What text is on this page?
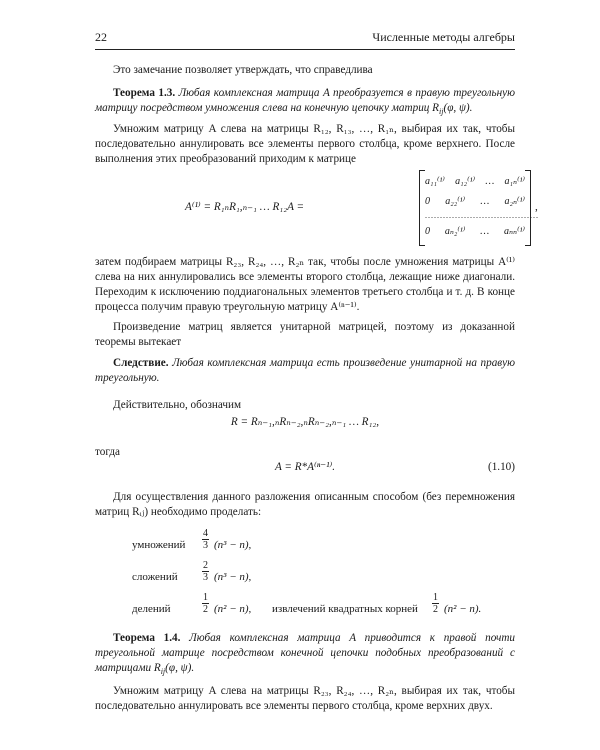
22	Численные методы алгебры
Это замечание позволяет утверждать, что справедлива
Теорема 1.3. Любая комплексная матрица A преобразуется в правую треугольную матрицу посредством умножения слева на конечную цепочку матриц $R_{ij}(\varphi$, ψ).
Умножим матрицу A слева на матрицы R₁₂, R₁₃, …, R₁ₙ, выбирая их так, чтобы последовательно аннулировать все элементы первого столбца, кроме верхнего. После выполнения этих преобразований приходим к матрице
A⁽¹⁾ = R₁ₙR₁,ₙ₋₁ … R₁₂A =
a₁₁⁽¹⁾ a₁₂⁽¹⁾ … a₁ₙ⁽¹⁾
0 a₂₂⁽¹⁾ … a₂ₙ⁽¹⁾
......................................
0 aₙ₂⁽¹⁾ … aₙₙ⁽¹⁾
,
затем подбираем матрицы R₂₃, R₂₄, …, R₂ₙ так, чтобы после умножения матрицы A⁽¹⁾ слева на них аннулировались все элементы второго столбца, лежащие ниже диагонали. Переходим к исключению поддиагональных элементов третьего столбца и т. д. В конце процесса получим правую треугольную матрицу A⁽ⁿ⁻¹⁾.
Произведение матриц является унитарной матрицей, поэтому из доказанной теоремы вытекает
Следствие. Любая комплексная матрица есть произведение унитарной на правую треугольную.
Действительно, обозначим
R = Rₙ₋₁,ₙRₙ₋₂,ₙRₙ₋₂,ₙ₋₁ … R₁₂,
тогда
A = R*A⁽ⁿ⁻¹⁾.	(1.10)
Для осуществления данного разложения описанным способом (без перемножения матриц Rᵢⱼ) необходимо проделать:
умножений $\frac{4}{3} (n^3 - n)$,
сложений $\frac{2}{3} (n^3 - n)$,
делений	$\frac{1}{2} (n^2 - n)$, извлечений квадратных корней $\frac{1}{2} (n^2 - n)$.
Теорема 1.4. Любая комплексная матрица A приводится к правой почти треугольной матрице посредством конечной цепочки подобных преобразований с матрицами $R_{ij}(\varphi$, ψ).
Умножим матрицу A слева на матрицы R₂₃, R₂₄, …, R₂ₙ, выбирая их так, чтобы последовательно аннулировать все элементы первого столбца, кроме верхних двух.
